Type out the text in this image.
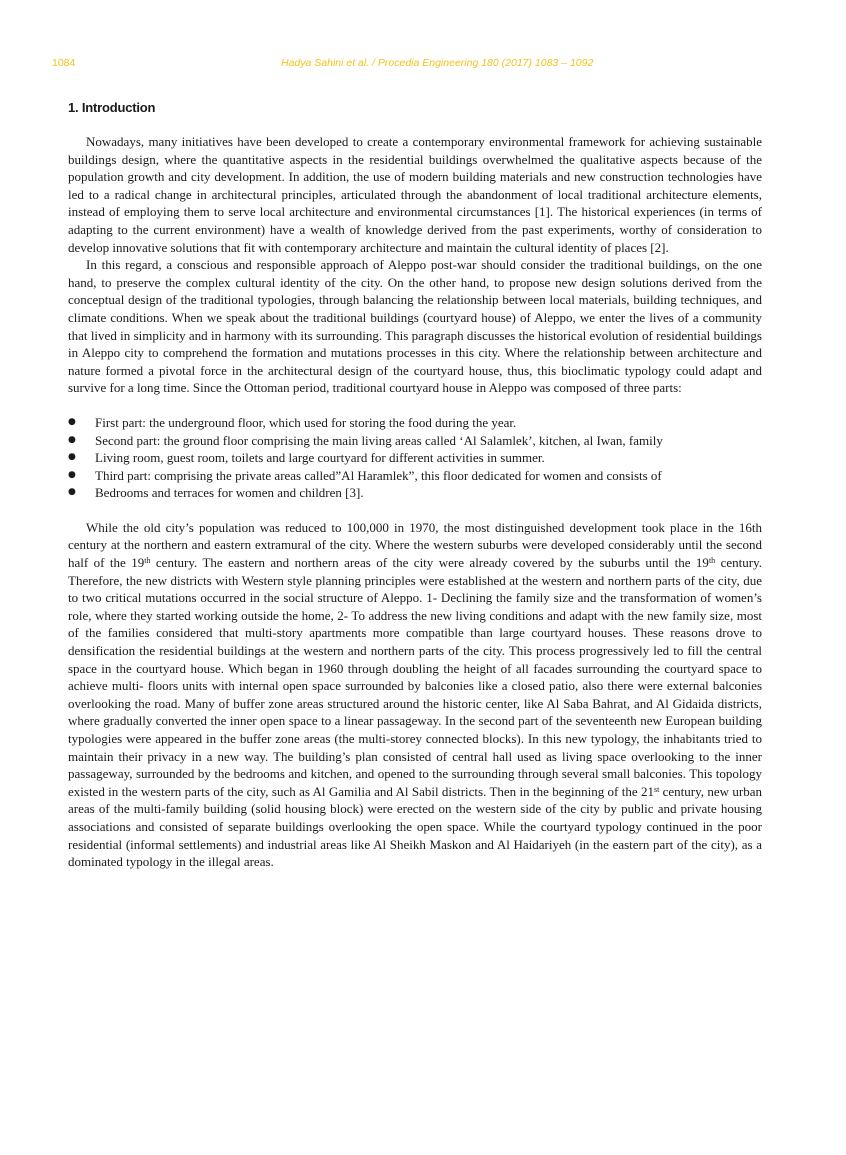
1084	Hadya Sahini et al. / Procedia Engineering 180 (2017) 1083 – 1092
1. Introduction

Nowadays, many initiatives have been developed to create a contemporary environmental framework for achieving sustainable buildings design, where the quantitative aspects in the residential buildings overwhelmed the qualitative aspects because of the population growth and city development. In addition, the use of modern building materials and new construction technologies have led to a radical change in architectural principles, articulated through the abandonment of local traditional architecture elements, instead of employing them to serve local architecture and environmental circumstances [1]. The historical experiences (in terms of adapting to the current environment) have a wealth of knowledge derived from the past experiments, worthy of consideration to develop innovative solutions that fit with contemporary architecture and maintain the cultural identity of places [2].

In this regard, a conscious and responsible approach of Aleppo post-war should consider the traditional buildings, on the one hand, to preserve the complex cultural identity of the city. On the other hand, to propose new design solutions derived from the conceptual design of the traditional typologies, through balancing the relationship between local materials, building techniques, and climate conditions. When we speak about the traditional buildings (courtyard house) of Aleppo, we enter the lives of a community that lived in simplicity and in harmony with its surrounding. This paragraph discusses the historical evolution of residential buildings in Aleppo city to comprehend the formation and mutations processes in this city. Where the relationship between architecture and nature formed a pivotal force in the architectural design of the courtyard house, thus, this bioclimatic typology could adapt and survive for a long time. Since the Ottoman period, traditional courtyard house in Aleppo was composed of three parts:

● First part: the underground floor, which used for storing the food during the year.
● Second part: the ground floor comprising the main living areas called ‘Al Salamlek’, kitchen, al Iwan, family
● Living room, guest room, toilets and large courtyard for different activities in summer.
● Third part: comprising the private areas called”Al Haramlek”, this floor dedicated for women and consists of
● Bedrooms and terraces for women and children [3].

While the old city’s population was reduced to 100,000 in 1970, the most distinguished development took place in the 16th century at the northern and eastern extramural of the city. Where the western suburbs were developed considerably until the second half of the 19th century. The eastern and northern areas of the city were already covered by the suburbs until the 19th century. Therefore, the new districts with Western style planning principles were established at the western and northern parts of the city, due to two critical mutations occurred in the social structure of Aleppo. 1- Declining the family size and the transformation of women’s role, where they started working outside the home, 2- To address the new living conditions and adapt with the new family size, most of the families considered that multi-story apartments more compatible than large courtyard houses. These reasons drove to densification the residential buildings at the western and northern parts of the city. This process progressively led to fill the central space in the courtyard house. Which began in 1960 through doubling the height of all facades surrounding the courtyard space to achieve multi- floors units with internal open space surrounded by balconies like a closed patio, also there were external balconies overlooking the road. Many of buffer zone areas structured around the historic center, like Al Saba Bahrat, and Al Gidaida districts, where gradually converted the inner open space to a linear passageway. In the second part of the seventeenth new European building typologies were appeared in the buffer zone areas (the multi-storey connected blocks). In this new typology, the inhabitants tried to maintain their privacy in a new way. The building’s plan consisted of central hall used as living space overlooking to the inner passageway, surrounded by the bedrooms and kitchen, and opened to the surrounding through several small balconies. This topology existed in the western parts of the city, such as Al Gamilia and Al Sabil districts. Then in the beginning of the 21st century, new urban areas of the multi-family building (solid housing block) were erected on the western side of the city by public and private housing associations and consisted of separate buildings overlooking the open space. While the courtyard typology continued in the poor residential (informal settlements) and industrial areas like Al Sheikh Maskon and Al Haidariyeh (in the eastern part of the city), as a dominated typology in the illegal areas.
